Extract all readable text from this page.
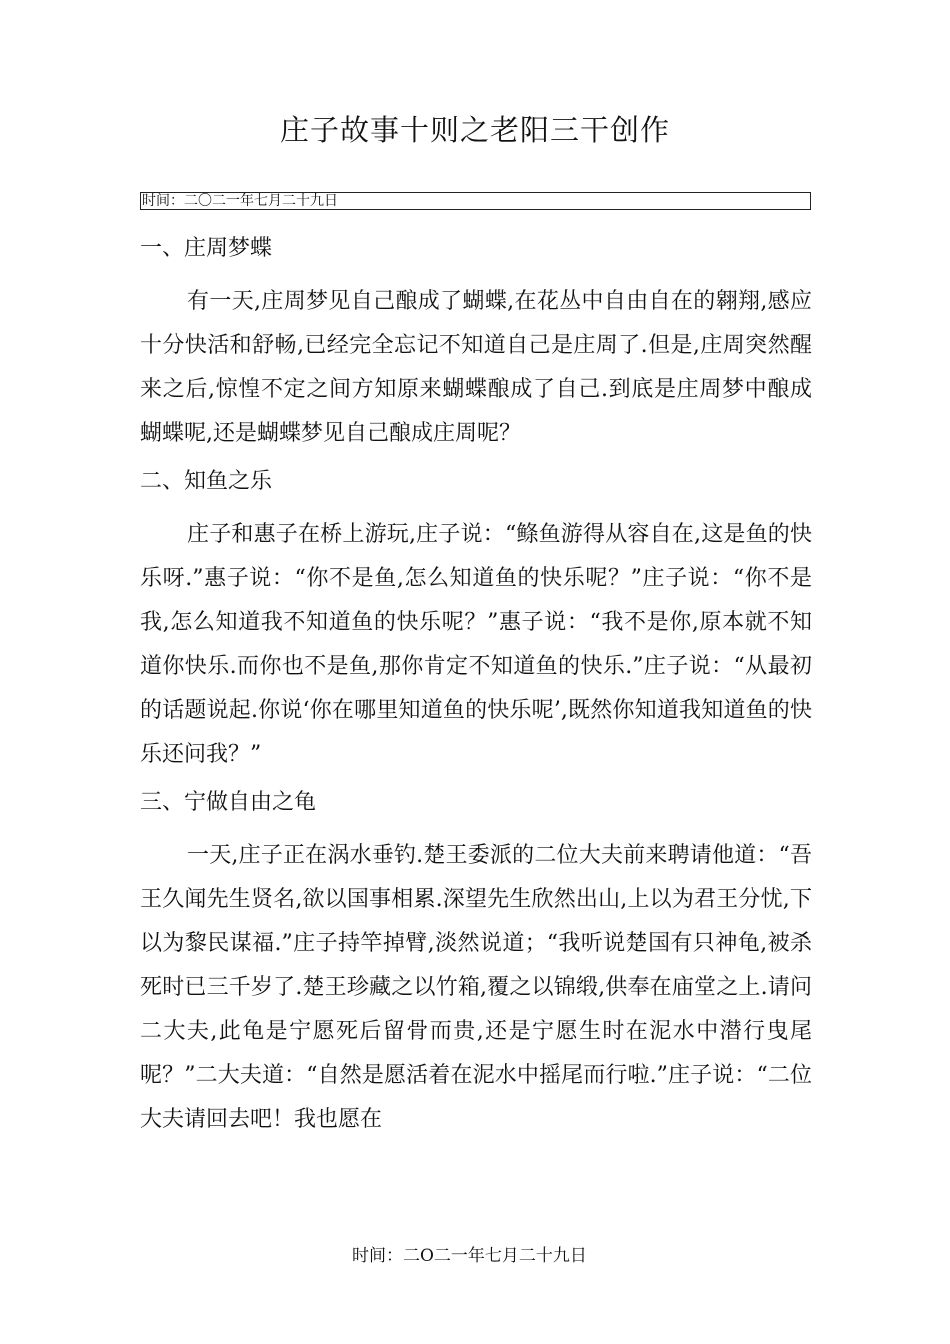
庄子故事十则之老阳三干创作
时间：二〇二一年七月二十九日
一、庄周梦蝶
有一天,庄周梦见自己酿成了蝴蝶,在花丛中自由自在的翱翔,感应十分快活和舒畅,已经完全忘记不知道自己是庄周了.但是,庄周突然醒来之后,惊惶不定之间方知原来蝴蝶酿成了自己.到底是庄周梦中酿成蝴蝶呢,还是蝴蝶梦见自己酿成庄周呢？
二、知鱼之乐
庄子和惠子在桥上游玩,庄子说：“鲦鱼游得从容自在,这是鱼的快乐呀.”惠子说：“你不是鱼,怎么知道鱼的快乐呢？”庄子说：“你不是我,怎么知道我不知道鱼的快乐呢？”惠子说：“我不是你,原本就不知道你快乐.而你也不是鱼,那你肯定不知道鱼的快乐.”庄子说：“从最初的话题说起.你说‘你在哪里知道鱼的快乐呢’,既然你知道我知道鱼的快乐还问我？”
三、宁做自由之龟
一天,庄子正在涡水垂钓.楚王委派的二位大夫前来聘请他道：“吾王久闻先生贤名,欲以国事相累.深望先生欣然出山,上以为君王分忧,下以为黎民谋福.”庄子持竿掉臂,淡然说道；“我听说楚国有只神龟,被杀死时已三千岁了.楚王珍藏之以竹箱,覆之以锦缎,供奉在庙堂之上.请问二大夫,此龟是宁愿死后留骨而贵,还是宁愿生时在泥水中潜行曳尾呢？”二大夫道：“自然是愿活着在泥水中摇尾而行啦.”庄子说：“二位大夫请回去吧！我也愿在
时间：二O二一年七月二十九日
